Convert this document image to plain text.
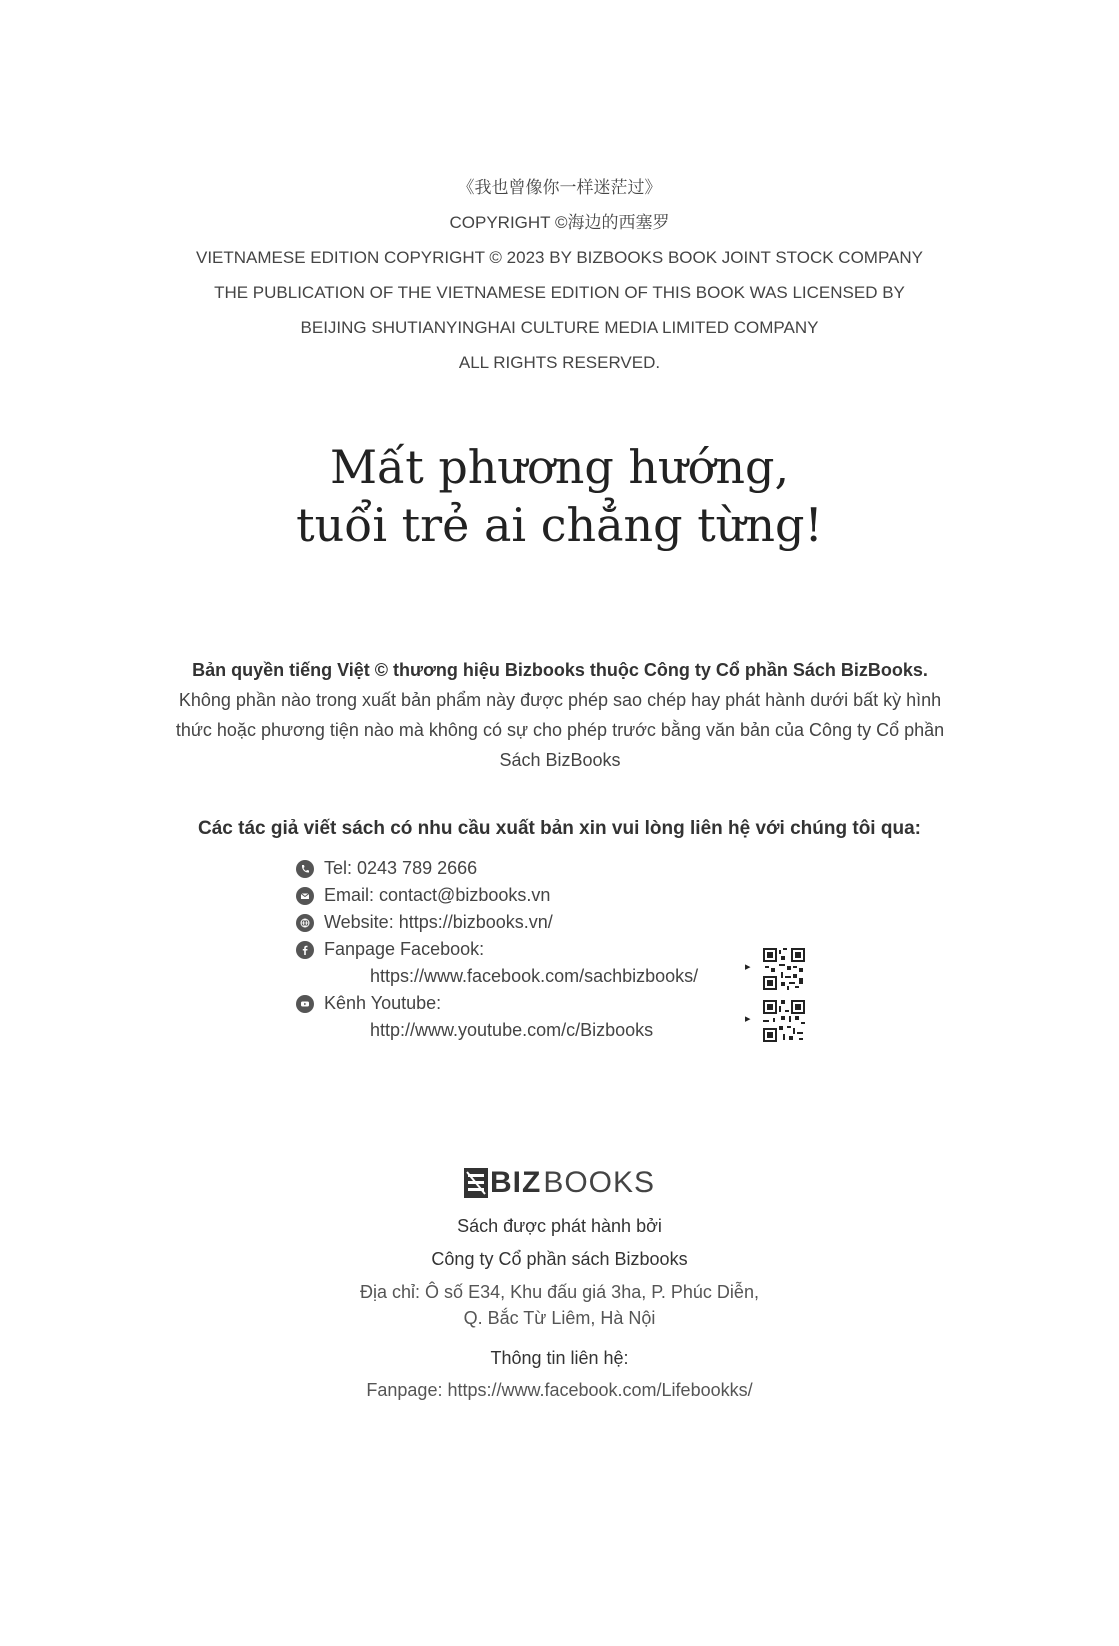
《我也曾像你一样迷茫过》
COPYRIGHT ©海边的西塞罗
VIETNAMESE EDITION COPYRIGHT © 2023 BY BIZBOOKS BOOK JOINT STOCK COMPANY
THE PUBLICATION OF THE VIETNAMESE EDITION OF THIS BOOK WAS LICENSED BY
BEIJING SHUTIANYINGHAI CULTURE MEDIA LIMITED COMPANY
ALL RIGHTS RESERVED.
Mất phương hướng,
tuổi trẻ ai chẳng từng!
Bản quyền tiếng Việt © thương hiệu Bizbooks thuộc Công ty Cổ phần Sách BizBooks.
Không phần nào trong xuất bản phẩm này được phép sao chép hay phát hành dưới bất kỳ hình thức hoặc phương tiện nào mà không có sự cho phép trước bằng văn bản của Công ty Cổ phần Sách BizBooks
Các tác giả viết sách có nhu cầu xuất bản xin vui lòng liên hệ với chúng tôi qua:
Tel: 0243 789 2666
Email: contact@bizbooks.vn
Website: https://bizbooks.vn/
Fanpage Facebook:
https://www.facebook.com/sachbizbooks/
Kênh Youtube:
http://www.youtube.com/c/Bizbooks
▸
▸
BIZ BOOKS
Sách được phát hành bởi
Công ty Cổ phần sách Bizbooks
Địa chỉ: Ô số E34, Khu đấu giá 3ha, P. Phúc Diễn,
Q. Bắc Từ Liêm, Hà Nội
Thông tin liên hệ:
Fanpage: https://www.facebook.com/Lifebookks/
